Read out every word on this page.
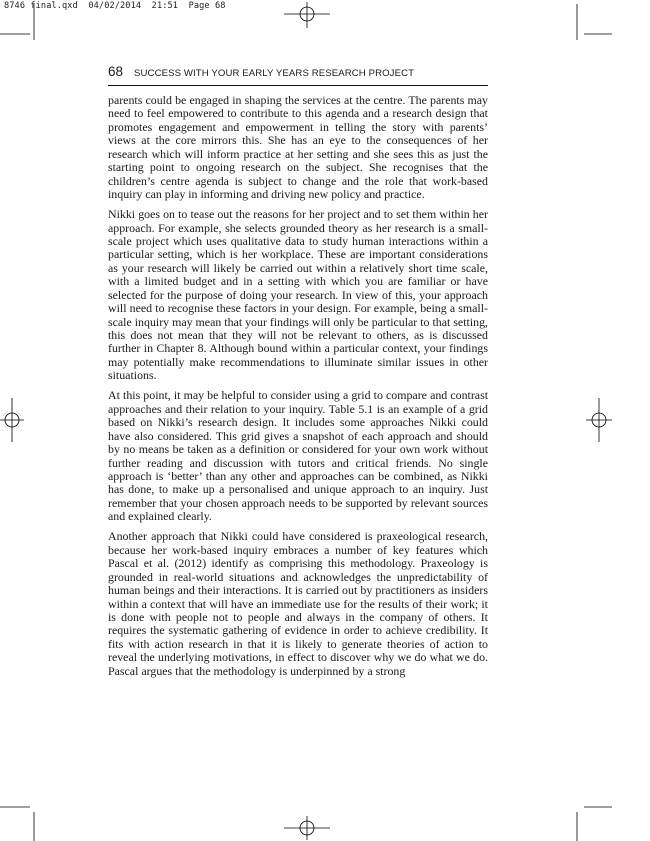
8746 final.qxd  04/02/2014  21:51  Page 68
68 SUCCESS WITH YOUR EARLY YEARS RESEARCH PROJECT

parents could be engaged in shaping the services at the centre. The parents may need to feel empowered to contribute to this agenda and a research design that promotes engagement and empowerment in telling the story with parents’ views at the core mirrors this. She has an eye to the consequences of her research which will inform practice at her setting and she sees this as just the starting point to ongoing research on the subject. She recognises that the children’s centre agenda is subject to change and the role that work-based inquiry can play in informing and driving new policy and practice.

Nikki goes on to tease out the reasons for her project and to set them within her approach. For example, she selects grounded theory as her research is a small-scale project which uses qualitative data to study human interactions within a particular setting, which is her workplace. These are important considerations as your research will likely be carried out within a relatively short time scale, with a limited budget and in a setting with which you are familiar or have selected for the purpose of doing your research. In view of this, your approach will need to recognise these factors in your design. For example, being a small-scale inquiry may mean that your findings will only be particular to that setting, this does not mean that they will not be relevant to others, as is discussed further in Chapter 8. Although bound within a particular context, your findings may potentially make recommendations to illuminate similar issues in other situations.

At this point, it may be helpful to consider using a grid to compare and contrast approaches and their relation to your inquiry. Table 5.1 is an example of a grid based on Nikki’s research design. It includes some approaches Nikki could have also considered. This grid gives a snapshot of each approach and should by no means be taken as a definition or considered for your own work without further reading and discussion with tutors and critical friends. No single approach is ‘better’ than any other and approaches can be combined, as Nikki has done, to make up a personalised and unique approach to an inquiry. Just remember that your chosen approach needs to be supported by relevant sources and explained clearly.

Another approach that Nikki could have considered is praxeological research, because her work-based inquiry embraces a number of key features which Pascal et al. (2012) identify as comprising this methodology. Praxeology is grounded in real-world situations and acknowledges the unpredictability of human beings and their interactions. It is carried out by practitioners as insiders within a context that will have an immediate use for the results of their work; it is done with people not to people and always in the company of others. It requires the systematic gathering of evidence in order to achieve credibility. It fits with action research in that it is likely to generate theories of action to reveal the underlying motivations, in effect to discover why we do what we do. Pascal argues that the methodology is underpinned by a strong
